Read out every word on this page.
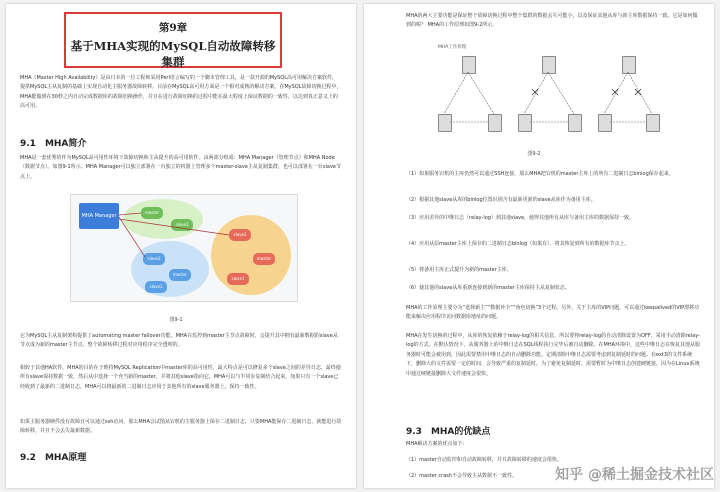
第9章
基于MHA实现的MySQL自动故障转移集群
MHA（Master High Availability）是由日本的一位工程师采用Perl语言编写的一个脚本管理工具，是一款开源的MySQL高可用解决方案软件，提供MySQL主从复制的基础上实现自动化主服务器故障转移。目前在MySQL高可用方面是一个相对成熟的解决方案。在MySQL故障切换过程中，MHA能做到在30秒之内自动完成数据库的故障切换操作，并且在进行故障切换的过程中能在最大程度上保证数据的一致性，以达到真正意义上的高可用。
9.1　MHA简介
MHA是一套优秀的作为MySQL高可用性环境下故障切换和主从提升的高可用软件。由两部分组成：MHA Manager（管理节点）和MHA Node（数据节点）。如图9-1所示。MHA Manager可以独立部署在一台独立的机器上管理多个master-slave主从复制集群，也可以部署在一台slave节点上。
MHA Manager
master
slave1
slave2
master
slave1
slave2
master
slave1
图9-1
它为MySQL主从复制架构提供了automating master failover功能。MHA在监控到master主节点故障时，会提升其中拥有最新数据的slave从节点成为新的master主节点，整个故障转移过程对应用程序完全透明的。
相较于其他HA软件，MHA的目的在于维持MySQL Replication中master库的高可用性，最大特点是可以修复多个slave之间的差异日志，最终使所有slave保持数据一致，然后从中选择一个充当新的master，并将其他slave指向它。MHA可以与半同步复制结合起来，如果只有一个slave已经收到了最新的二进制日志，MHA可以将最新的二进制日志应用于其他所有的slave服务器上，保持一致性。
如果主服务器硬件没有故障且可以通过ssh访问，那么MHA会试图从宕机的主服务器上保存二进制日志，只要MHA能保存二进制日志，就能进行故障转移，并且不会丢失最新数据。
9.2　MHA原理
MHA的两大主要功能是保证整个故障切换过程中整个集群的数据丢失可能小，以及保证其他从库与新主库数据保持一致。它是如何做到的呢？ MHA的工作原理如图9-2所示。
MHA工作原理
图9-2
（1）如果服务宕机的主库仍然可以通过SSH连接，那么MHA把宕机的master主库上的所有二进制日志binlog保存起来。
（2）根据其他slave从库的binlog位置识别含有最新更新的slave从库作为备用主库。
（3）应用差异的中继日志（relay-log）到其他slave，使得其他所有从库与备用主库的数据保持一致。
（4）应用从原master主库上保存的二进制日志binlog（如果有），将其恢复到所有的数据库节点上。
（5）将备用主库正式提升为新的master主库。
（6）使其他的slave从库重新连接到新的master主库保持主从复制状态。
MHA的工作原理主要分为“选择新主”“数据补全”“角色切换”3个过程。另外，关于主库的VIP问题，可以通过keepalived的VIP漂移功能来解决应用程序访问数据库地址的问题。
MHA在发生切换的过程中，从库的恢复依赖于relay-log的相关信息，所以要将relay-log的自动清除设置为OFF，采用手动清除relay-log的方式。在默认情况下，从服务器上的中继日志在SQL线程执行完毕后被自动删除。在MHA环境中，这些中继日志在恢复其他从服务器时可能会被用到，因此需要禁用中继日志的自动删除功能。定期清除中继日志需要考虑到复制延时的问题。在ext3的文件系统下，删除大的文件需要一定的时间，会导致严重的复制延时。为了避免复制延时，需要暂时为中继日志创建硬链接，因为在Linux系统中通过硬链接删除大文件速度会很快。
9.3　MHA的优缺点
MHA解决方案的优点如下：
（1）master自动监控和自动故障转移，并且故障转移的速度会很快。
（2）master crash不会导致主从数据不一致性。	知乎 @稀土掘金技术社区
